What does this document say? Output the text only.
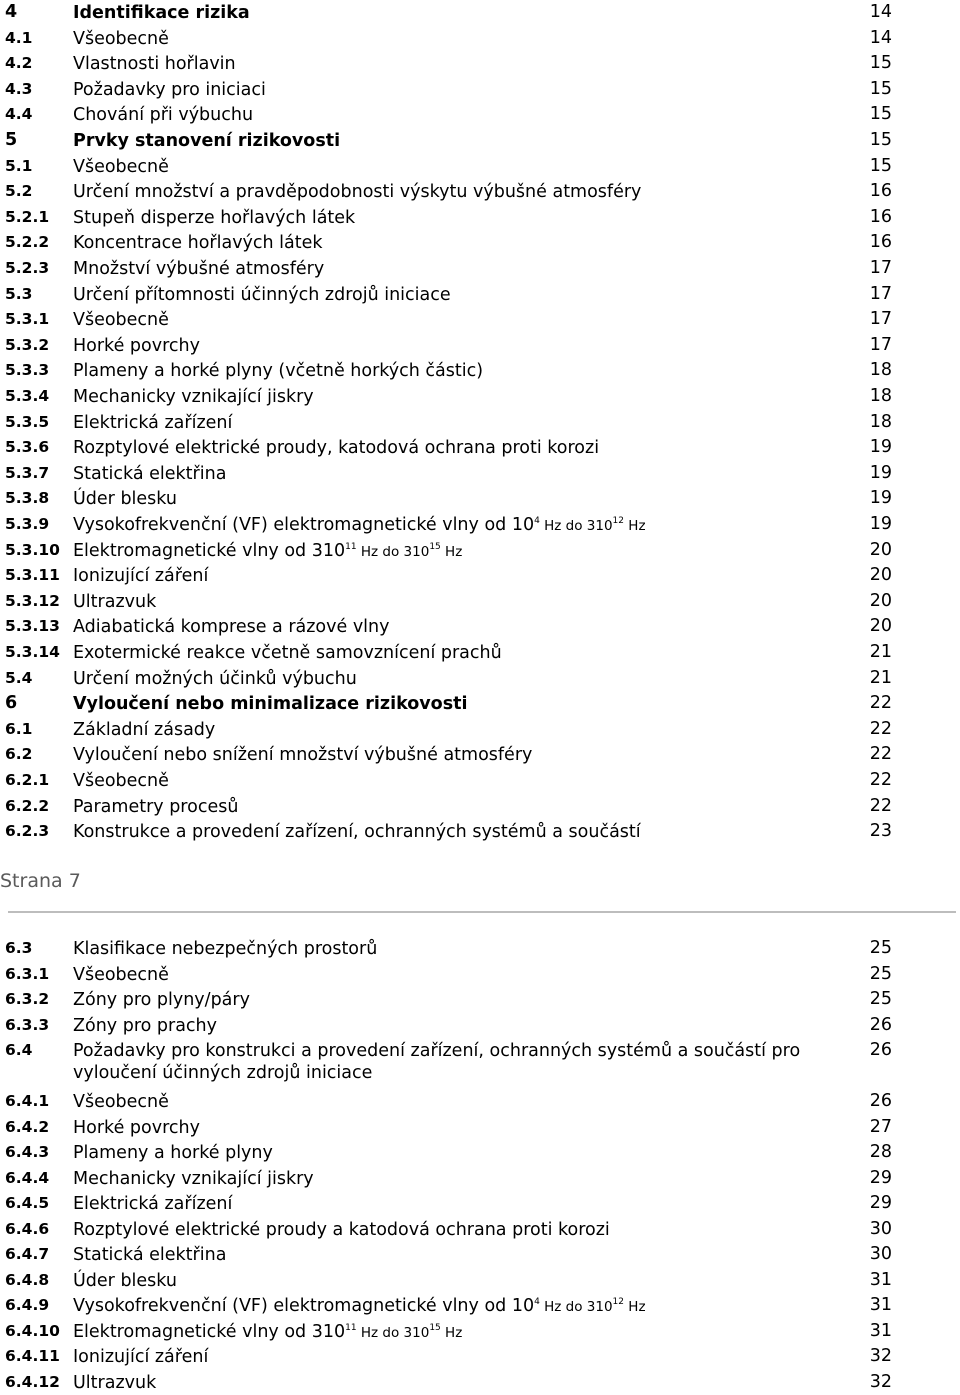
4	Identifikace rizika	14
4.1 Všeobecně	14
4.2 Vlastnosti hořlavin	15
4.3 Požadavky pro iniciaci	15
4.4 Chování při výbuchu	15
5	Prvky stanovení rizikovosti	15
5.1 Všeobecně	15
5.2 Určení množství a pravděpodobnosti výskytu výbušné atmosféry	16
5.2.1 Stupeň disperze hořlavých látek	16
5.2.2 Koncentrace hořlavých látek	16
5.2.3 Množství výbušné atmosféry	17
5.3 Určení přítomnosti účinných zdrojů iniciace	17
5.3.1 Všeobecně	17
5.3.2 Horké povrchy	17
5.3.3 Plameny a horké plyny (včetně horkých částic)	18
5.3.4 Mechanicky vznikající jiskry	18
5.3.5 Elektrická zařízení	18
5.3.6 Rozptylové elektrické proudy, katodová ochrana proti korozi	19
5.3.7 Statická elektřina	19
5.3.8 Úder blesku	19
5.3.9 Vysokofrekvenční (VF) elektromagnetické vlny od $10^4$ Hz do $310^{12}$ Hz	19
5.3.10 Elektromagnetické vlny od $310^{11}$ Hz do $310^{15}$ Hz	20
5.3.11 Ionizující záření	20
5.3.12 Ultrazvuk	20
5.3.13 Adiabatická komprese a rázové vlny	20
5.3.14 Exotermické reakce včetně samovznícení prachů	21
5.4 Určení možných účinků výbuchu	21
6	Vyloučení nebo minimalizace rizikovosti	22
6.1 Základní zásady	22
6.2 Vyloučení nebo snížení množství výbušné atmosféry	22
6.2.1 Všeobecně	22
6.2.2 Parametry procesů	22
6.2.3 Konstrukce a provedení zařízení, ochranných systémů a součástí	23
Strana 7
6.3 Klasifikace nebezpečných prostorů	25
6.3.1 Všeobecně	25
6.3.2 Zóny pro plyny/páry	25
6.3.3 Zóny pro prachy	26
6.4 Požadavky pro konstrukci a provedení zařízení, ochranných systémů a součástí pro vyloučení účinných zdrojů iniciace
26
6.4.1 Všeobecně	26
6.4.2 Horké povrchy	27
6.4.3 Plameny a horké plyny	28
6.4.4 Mechanicky vznikající jiskry	29
6.4.5 Elektrická zařízení	29
6.4.6 Rozptylové elektrické proudy a katodová ochrana proti korozi	30
6.4.7 Statická elektřina	30
6.4.8 Úder blesku	31
6.4.9 Vysokofrekvenční (VF) elektromagnetické vlny od $10^4$ Hz do $310^{12}$ Hz	31
6.4.10 Elektromagnetické vlny od $310^{11}$ Hz do $310^{15}$ Hz	31
6.4.11 Ionizující záření	32
6.4.12 Ultrazvuk	32
